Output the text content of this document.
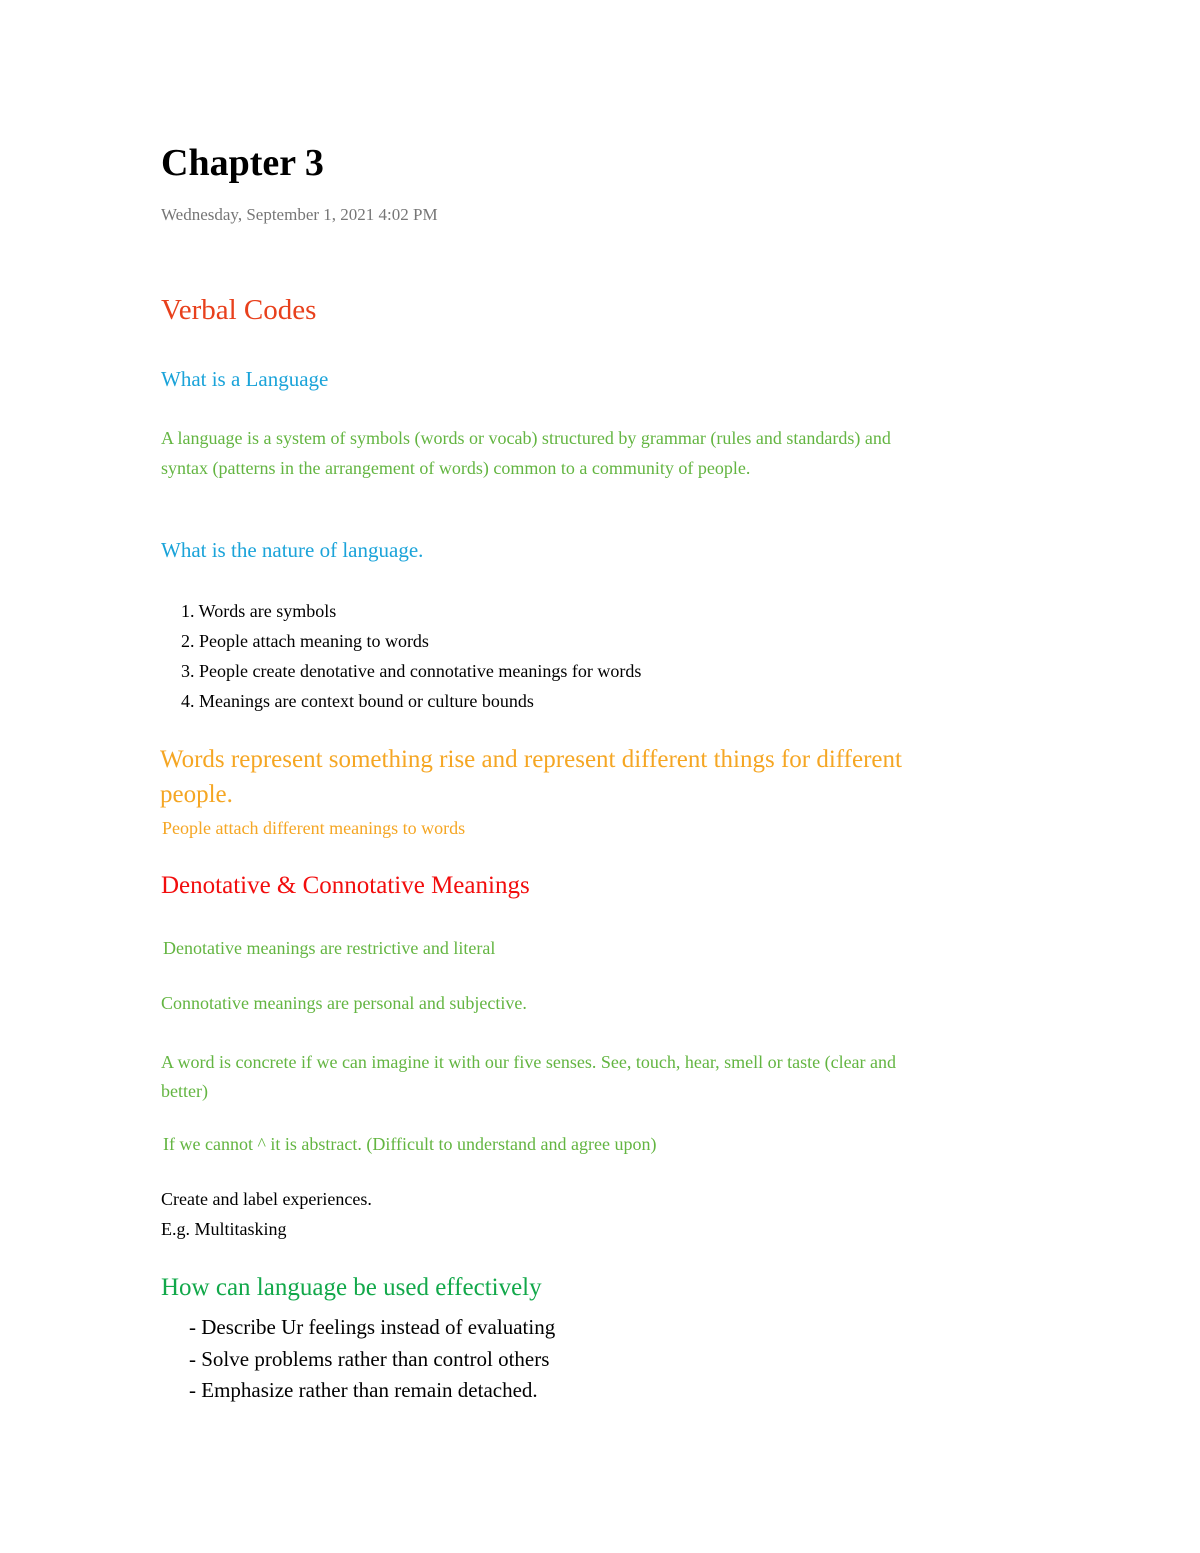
Chapter 3
Wednesday, September 1, 2021 4:02 PM
Verbal Codes
What is a Language

A language is a system of symbols (words or vocab) structured by grammar (rules and standards) and syntax (patterns in the arrangement of words) common to a community of people.

What is the nature of language.
1. Words are symbols
2. People attach meaning to words
3. People create denotative and connotative meanings for words
4. Meanings are context bound or culture bounds
Words represent something rise and represent different things for different people.
People attach different meanings to words
Denotative & Connotative Meanings
Denotative meanings are restrictive and literal
Connotative meanings are personal and subjective.

A word is concrete if we can imagine it with our five senses. See, touch, hear, smell or taste (clear and better)

If we cannot ^ it is abstract. (Difficult to understand and agree upon)
Create and label experiences.
E.g. Multitasking
How can language be used effectively
- Describe Ur feelings instead of evaluating
- Solve problems rather than control others
- Emphasize rather than remain detached.
